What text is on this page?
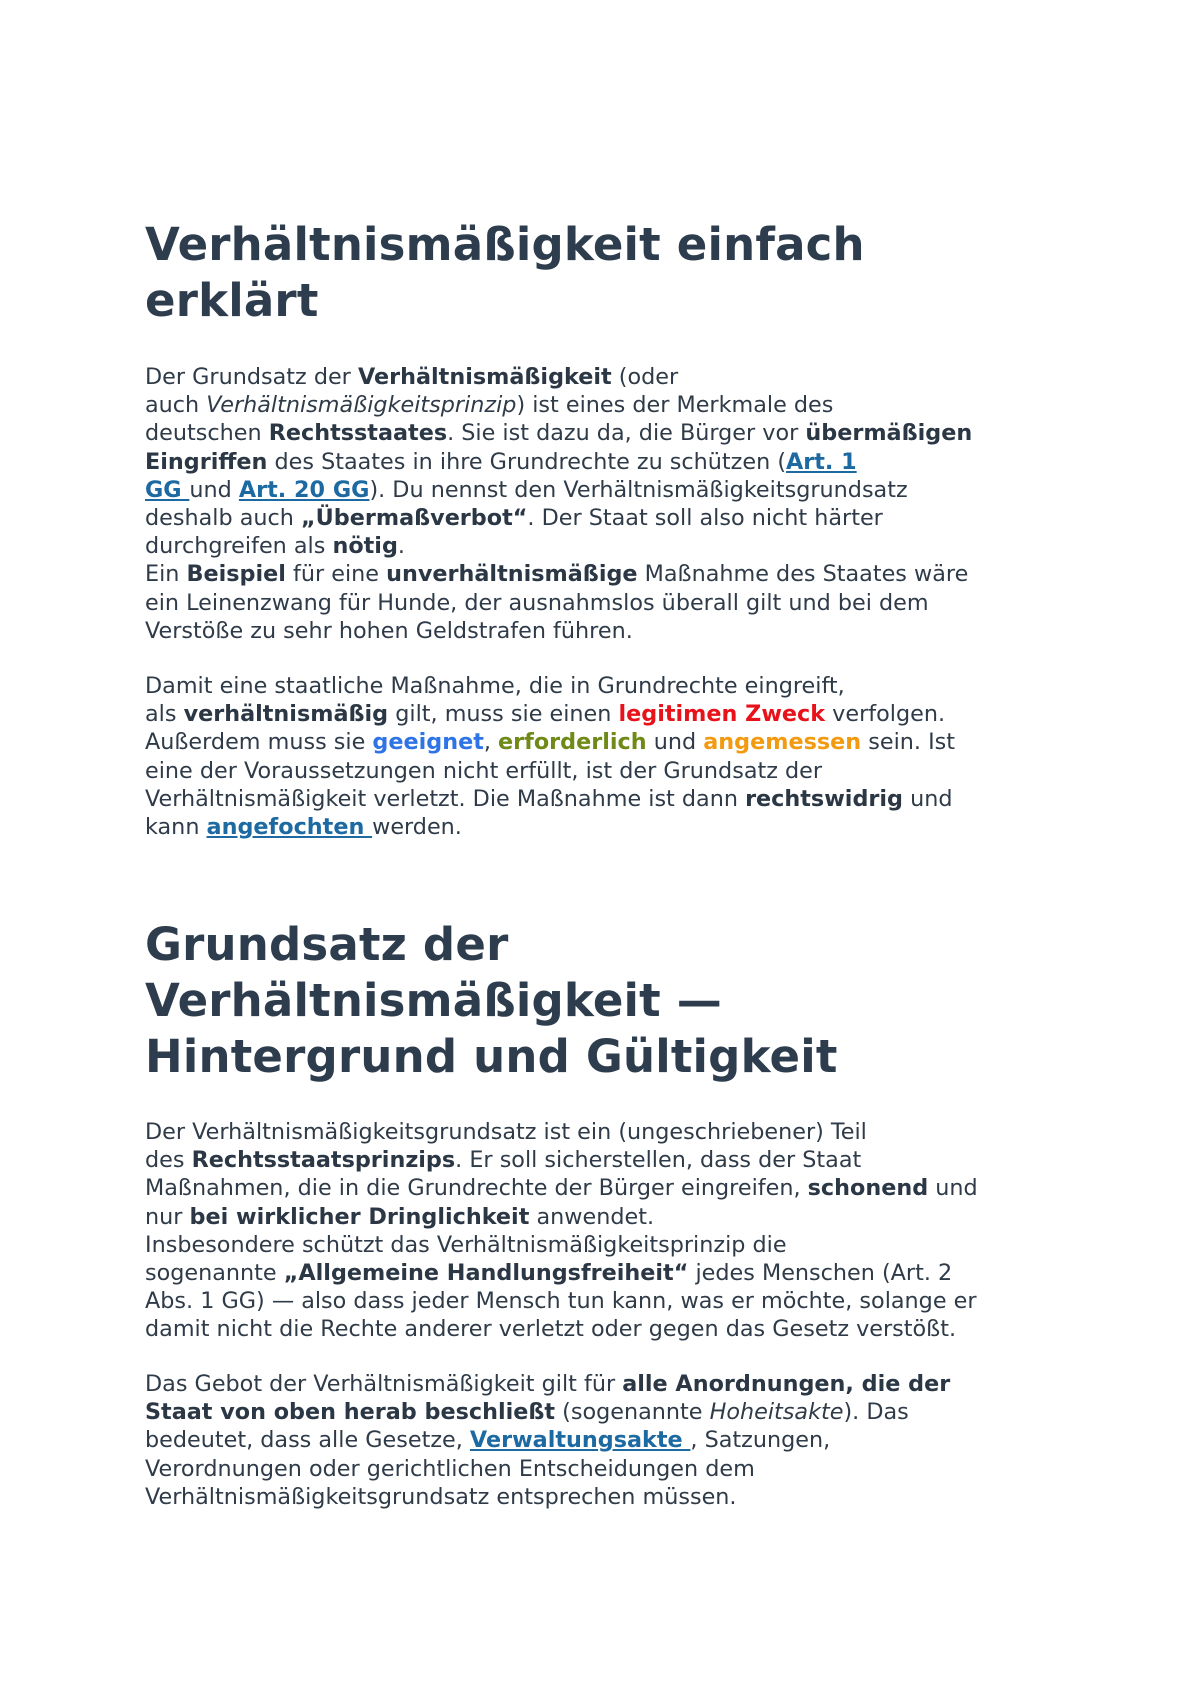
Verhältnismäßigkeit einfach
erklärt
Der Grundsatz der Verhältnismäßigkeit (oder
auch Verhältnismäßigkeitsprinzip) ist eines der Merkmale des
deutschen Rechtsstaates. Sie ist dazu da, die Bürger vor übermäßigen
Eingriffen des Staates in ihre Grundrechte zu schützen (Art. 1
GG und Art. 20 GG). Du nennst den Verhältnismäßigkeitsgrundsatz
deshalb auch „Übermaßverbot“. Der Staat soll also nicht härter
durchgreifen als nötig.
Ein Beispiel für eine unverhältnismäßige Maßnahme des Staates wäre
ein Leinenzwang für Hunde, der ausnahmslos überall gilt und bei dem
Verstöße zu sehr hohen Geldstrafen führen.
Damit eine staatliche Maßnahme, die in Grundrechte eingreift,
als verhältnismäßig gilt, muss sie einen legitimen Zweck verfolgen.
Außerdem muss sie geeignet, erforderlich und angemessen sein. Ist
eine der Voraussetzungen nicht erfüllt, ist der Grundsatz der
Verhältnismäßigkeit verletzt. Die Maßnahme ist dann rechtswidrig und
kann angefochten werden.
Grundsatz der
Verhältnismäßigkeit —
Hintergrund und Gültigkeit
Der Verhältnismäßigkeitsgrundsatz ist ein (ungeschriebener) Teil
des Rechtsstaatsprinzips. Er soll sicherstellen, dass der Staat
Maßnahmen, die in die Grundrechte der Bürger eingreifen, schonend und
nur bei wirklicher Dringlichkeit anwendet.
Insbesondere schützt das Verhältnismäßigkeitsprinzip die
sogenannte „Allgemeine Handlungsfreiheit“ jedes Menschen (Art. 2
Abs. 1 GG) — also dass jeder Mensch tun kann, was er möchte, solange er
damit nicht die Rechte anderer verletzt oder gegen das Gesetz verstößt.
Das Gebot der Verhältnismäßigkeit gilt für alle Anordnungen, die der
Staat von oben herab beschließt (sogenannte Hoheitsakte). Das
bedeutet, dass alle Gesetze, Verwaltungsakte , Satzungen,
Verordnungen oder gerichtlichen Entscheidungen dem
Verhältnismäßigkeitsgrundsatz entsprechen müssen.
